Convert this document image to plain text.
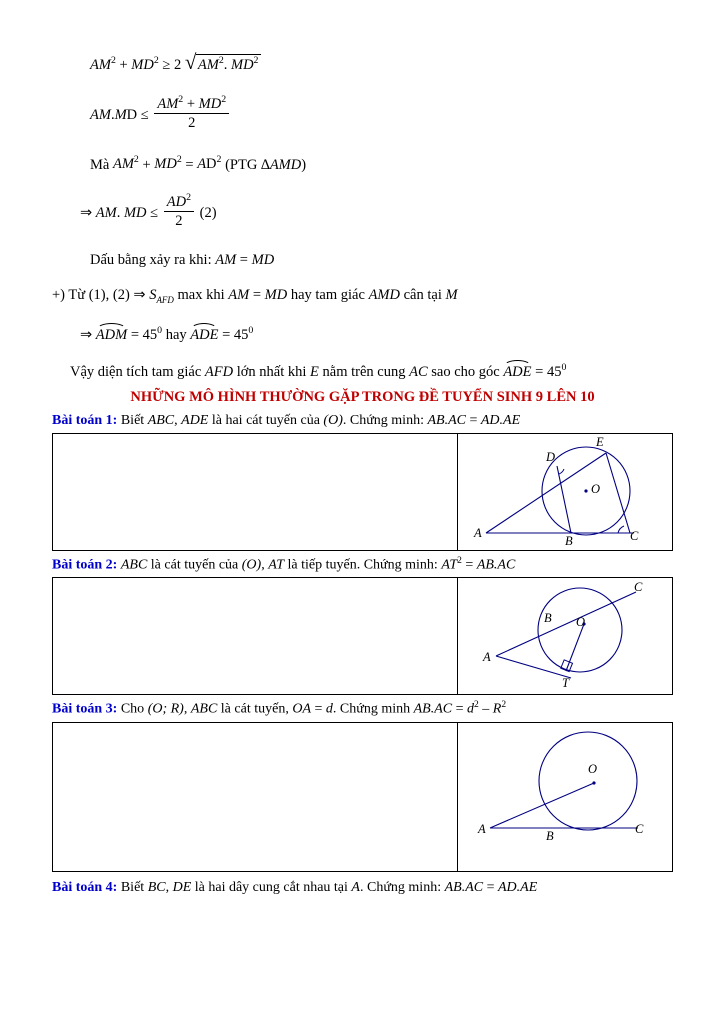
$AM^2 + MD^2 \ge 2$ √ $AM^2$. $MD^2$
$AM.MD \le \frac{AM^2 + MD^2}{2}$
Mà $AM^2 + MD^2 = AD^2$ (PTG ∆AMD)
⇒ AM. MD ≤ $\frac{AD^2}{2} (2)$
Dấu bằng xảy ra khi: AM = MD
+) Từ (1), (2) ⇒ $S_{AFD}$ max khi AM = MD hay tam giác AMD cân tại M
⇒ ADM = $45^0$ hay ADE = $45^0$
Vậy diện tích tam giác AFD lớn nhất khi E nằm trên cung AC sao cho góc ADE = $45^0$
NHỮNG MÔ HÌNH THƯỜNG GẶP TRONG ĐỀ TUYỂN SINH 9 LÊN 10
Bài toán 1: Biết ABC, ADE là hai cát tuyến của (O). Chứng minh: AB.AC = AD.AE
E
D
O
A
B	C
Bài toán 2: ABC là cát tuyến của (O), AT là tiếp tuyến. Chứng minh: $AT^2 = AB.AC$
C
B O
A
T
Bài toán 3: Cho (O; R), ABC là cát tuyến, OA = d. Chứng minh $AB.AC = d^2 - R^2$
O
A	B	C
Bài toán 4: Biết BC, DE là hai dây cung cắt nhau tại A. Chứng minh: AB.AC = AD.AE
